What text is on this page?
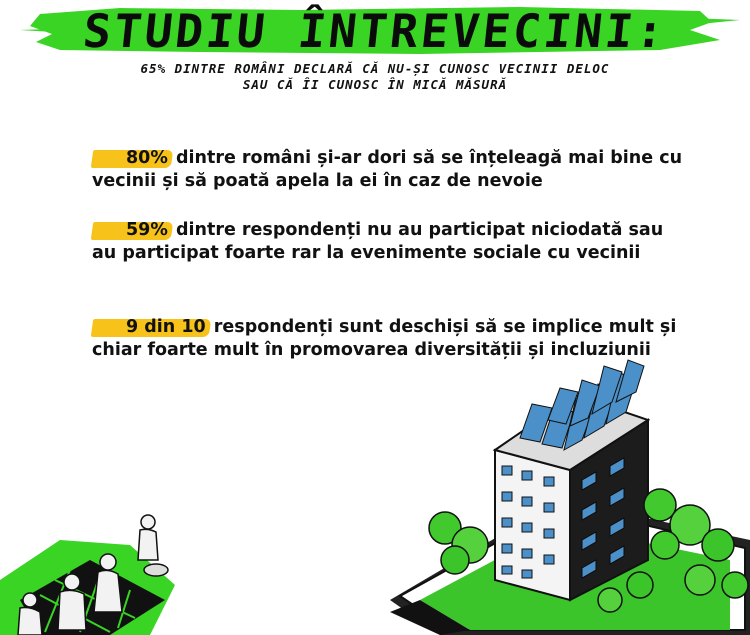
STUDIU ÎNTREVECINI:
65% DINTRE ROMÂNI DECLARĂ CĂ NU-ȘI CUNOSC VECINII DELOC
SAU CĂ ÎI CUNOSC ÎN MICĂ MĂSURĂ
80% dintre români și-ar dori să se înțeleagă mai bine cu vecinii și să poată apela la ei în caz de nevoie
59% dintre respondenți nu au participat niciodată sau au participat foarte rar la evenimente sociale cu vecinii
9 din 10 respondenți sunt deschiși să se implice mult și chiar foarte mult în promovarea diversității și incluziunii
